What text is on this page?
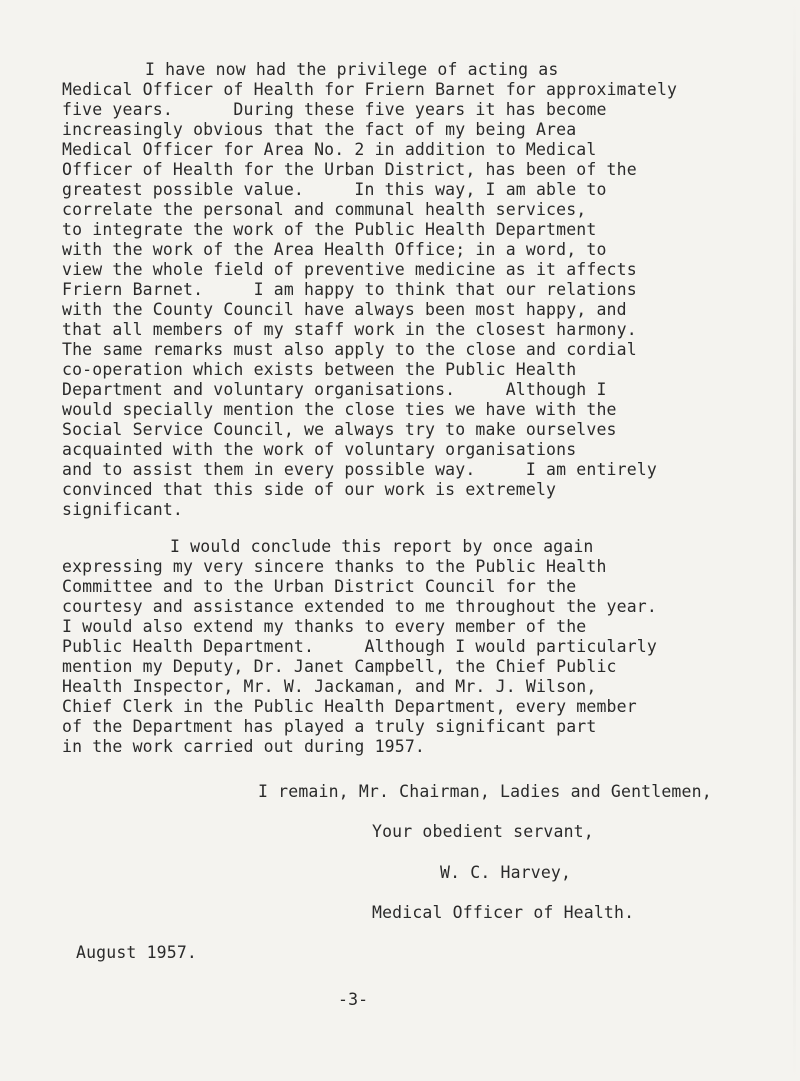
I have now had the privilege of acting as
Medical Officer of Health for Friern Barnet for approximately
five years.      During these five years it has become
increasingly obvious that the fact of my being Area
Medical Officer for Area No. 2 in addition to Medical
Officer of Health for the Urban District, has been of the
greatest possible value.     In this way, I am able to
correlate the personal and communal health services,
to integrate the work of the Public Health Department
with the work of the Area Health Office; in a word, to
view the whole field of preventive medicine as it affects
Friern Barnet.     I am happy to think that our relations
with the County Council have always been most happy, and
that all members of my staff work in the closest harmony.
The same remarks must also apply to the close and cordial
co-operation which exists between the Public Health
Department and voluntary organisations.     Although I
would specially mention the close ties we have with the
Social Service Council, we always try to make ourselves
acquainted with the work of voluntary organisations
and to assist them in every possible way.     I am entirely
convinced that this side of our work is extremely
significant.
I would conclude this report by once again
expressing my very sincere thanks to the Public Health
Committee and to the Urban District Council for the
courtesy and assistance extended to me throughout the year.
I would also extend my thanks to every member of the
Public Health Department.     Although I would particularly
mention my Deputy, Dr. Janet Campbell, the Chief Public
Health Inspector, Mr. W. Jackaman, and Mr. J. Wilson,
Chief Clerk in the Public Health Department, every member
of the Department has played a truly significant part
in the work carried out during 1957.
I remain, Mr. Chairman, Ladies and Gentlemen,
Your obedient servant,
W. C. Harvey,
Medical Officer of Health.
August 1957.
-3-
